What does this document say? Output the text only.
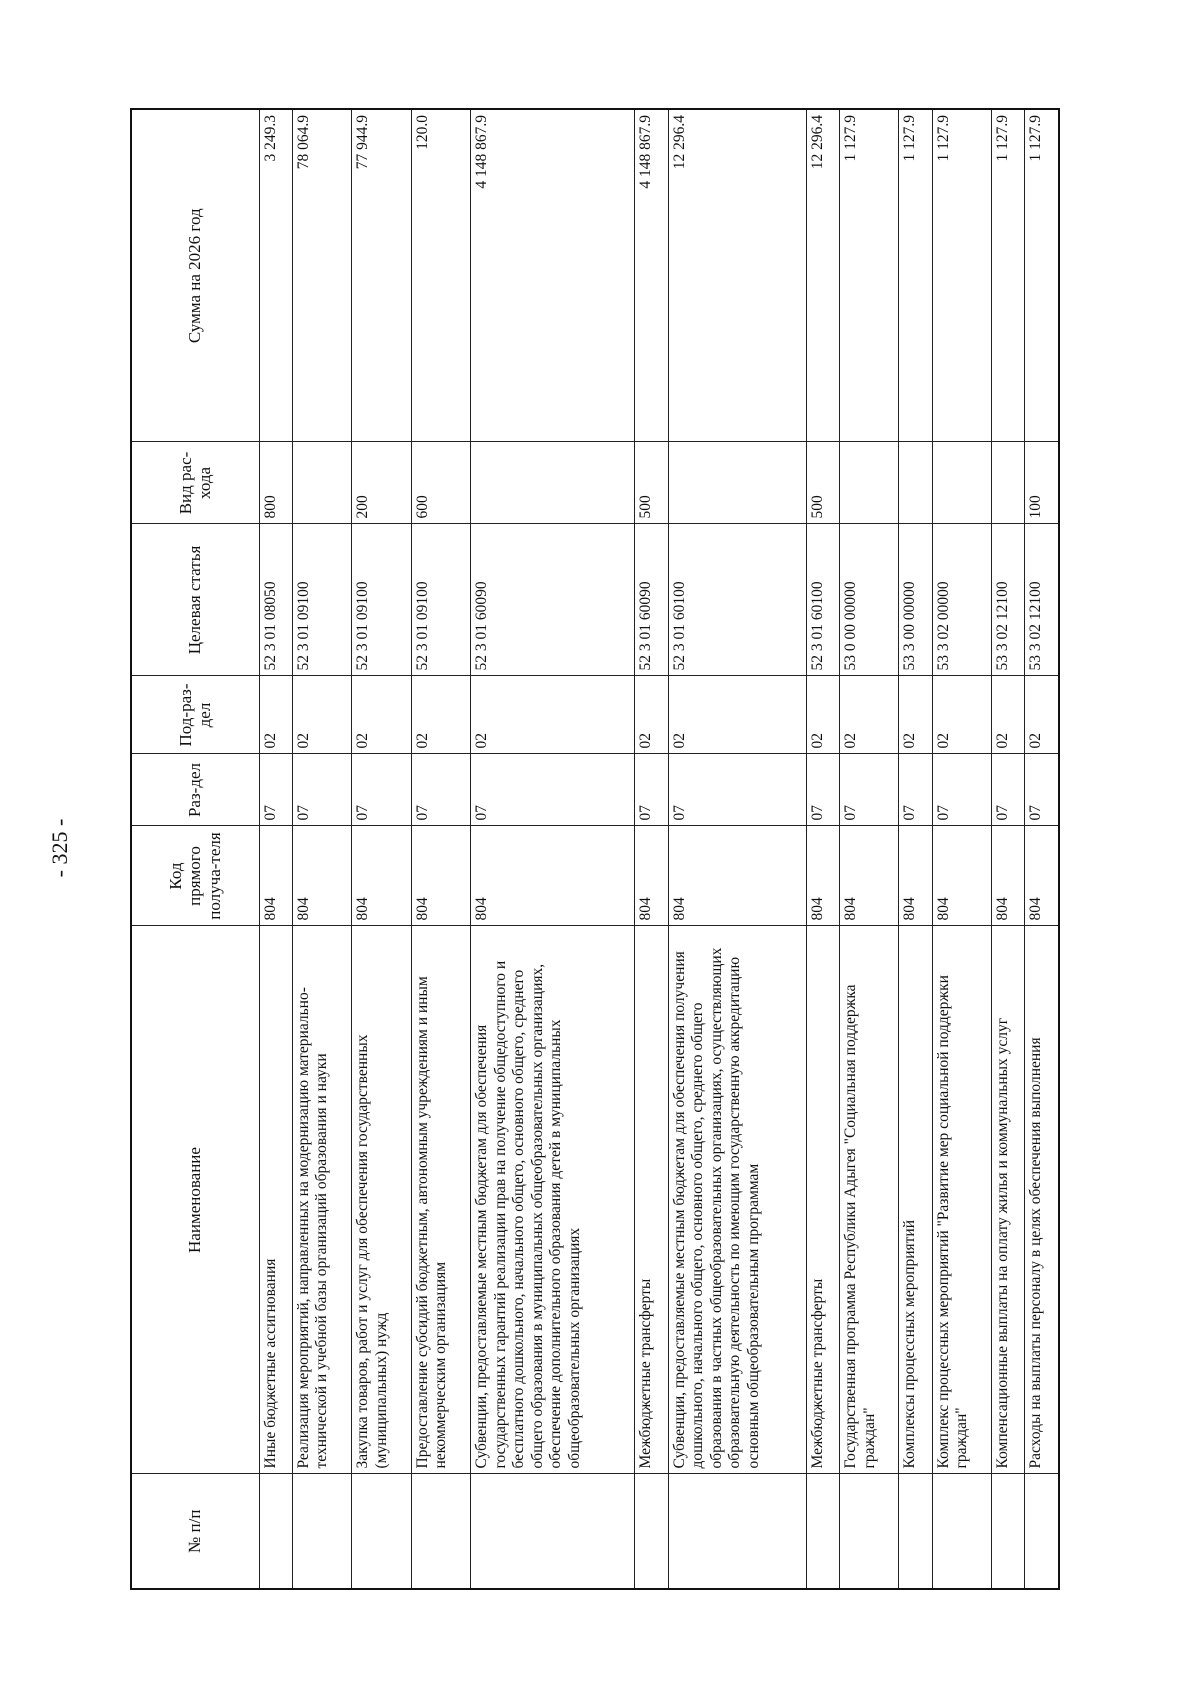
- 325 -
№ п/п	Наименование	Код прямого получа-теля	Раз-дел	Под-раз-дел	Целевая статья	Вид рас-хода	Сумма на 2026 год
	Иные бюджетные ассигнования	804	07	02	52 3 01 08050	800	3 249.3
	Реализация мероприятий, направленных на модернизацию материально-технической и учебной базы организаций образования и науки	804	07	02	52 3 01 09100		78 064.9
	Закупка товаров, работ и услуг для обеспечения государственных (муниципальных) нужд	804	07	02	52 3 01 09100	200	77 944.9
	Предоставление субсидий бюджетным, автономным учреждениям и иным некоммерческим организациям	804	07	02	52 3 01 09100	600	120.0
	Субвенции, предоставляемые местным бюджетам для обеспечения государственных гарантий реализации прав на получение общедоступного и бесплатного дошкольного, начального общего, основного общего, среднего общего образования в муниципальных общеобразовательных организациях, обеспечение дополнительного образования детей в муниципальных общеобразовательных организациях	804	07	02	52 3 01 60090		4 148 867.9
	Межбюджетные трансферты	804	07	02	52 3 01 60090	500	4 148 867.9
	Субвенции, предоставляемые местным бюджетам для обеспечения получения дошкольного, начального общего, основного общего, среднего общего образования в частных общеобразовательных организациях, осуществляющих образовательную деятельность по имеющим государственную аккредитацию основным общеобразовательным программам	804	07	02	52 3 01 60100		12 296.4
	Межбюджетные трансферты	804	07	02	52 3 01 60100	500	12 296.4
	Государственная программа Республики Адыгея "Социальная поддержка граждан"	804	07	02	53 0 00 00000		1 127.9
	Комплексы процессных мероприятий	804	07	02	53 3 00 00000		1 127.9
	Комплекс процессных мероприятий "Развитие мер социальной поддержки граждан"	804	07	02	53 3 02 00000		1 127.9
	Компенсационные выплаты на оплату жилья и коммунальных услуг	804	07	02	53 3 02 12100		1 127.9
	Расходы на выплаты персоналу в целях обеспечения выполнения	804	07	02	53 3 02 12100	100	1 127.9
